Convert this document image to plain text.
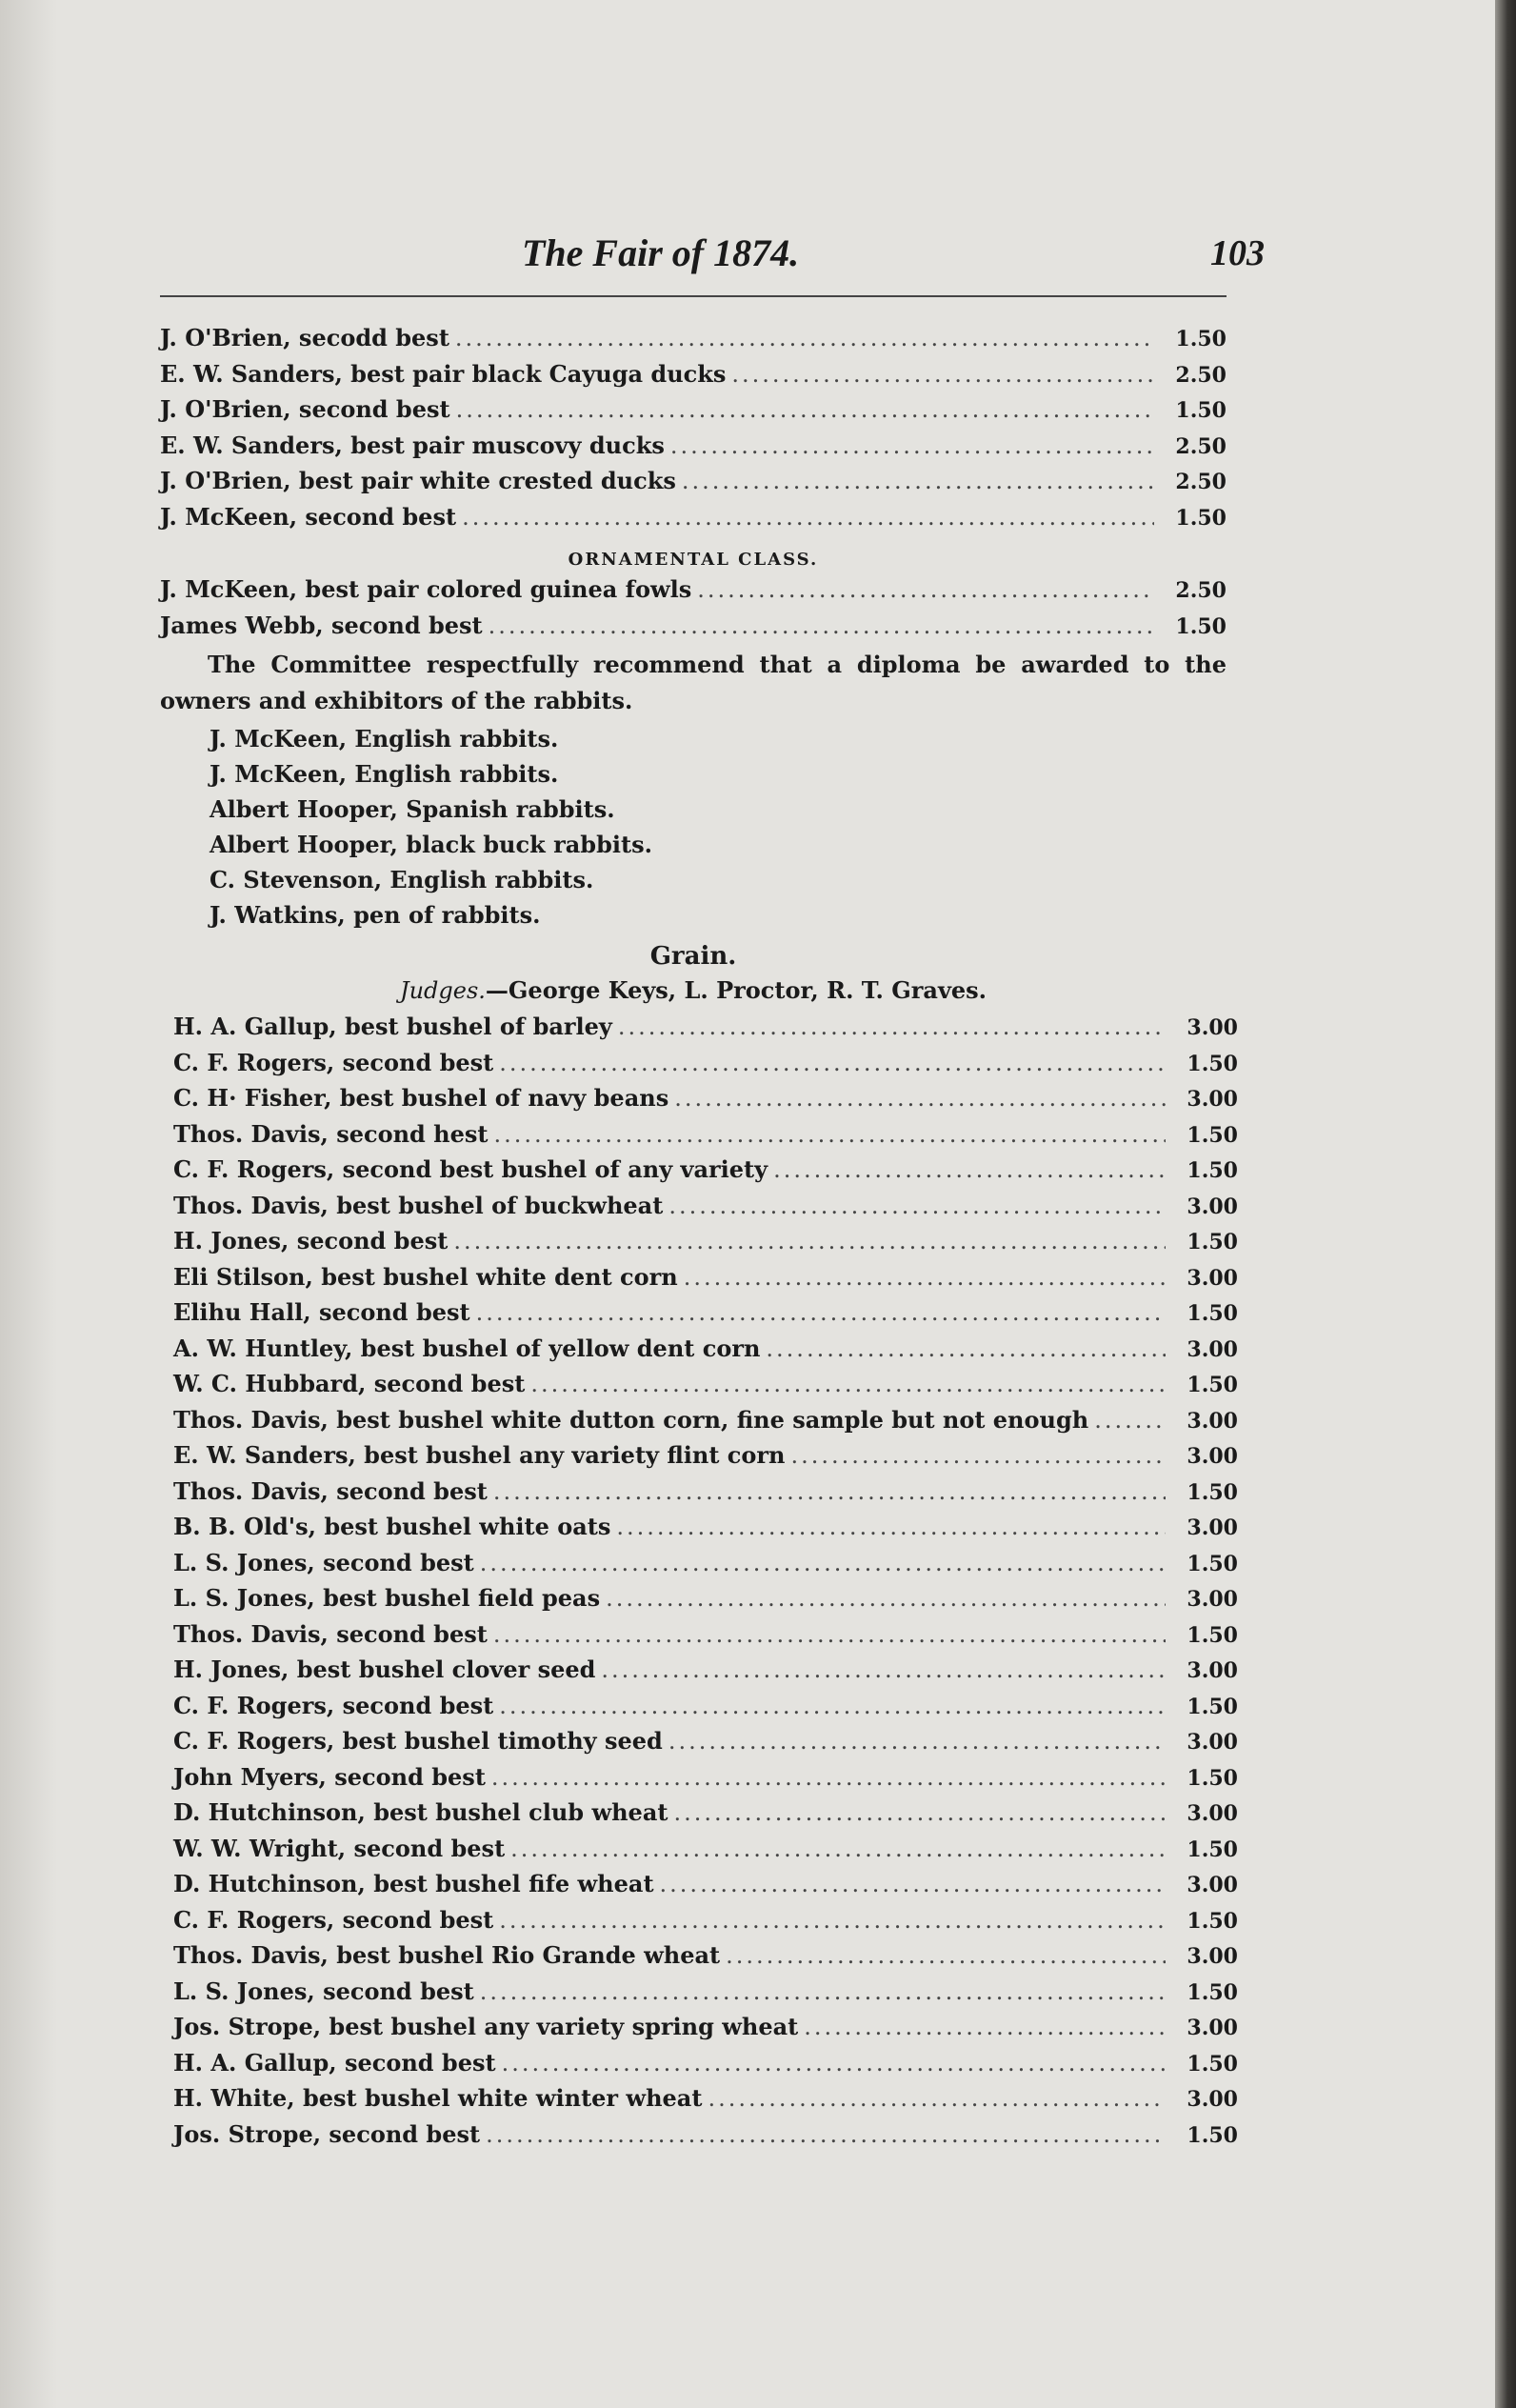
The Fair of 1874.	103
J. O'Brien, secodd best .....	1.50
E. W. Sanders, best pair black Cayuga ducks .....	2.50
J. O'Brien, second best .....	1.50
E. W. Sanders, best pair muscovy ducks .....	2.50
J. O'Brien, best pair white crested ducks .....	2.50
J. McKeen, second best .....	1.50
ORNAMENTAL CLASS.
J. McKeen, best pair colored guinea fowls .....	2.50
James Webb, second best .....	1.50
The Committee respectfully recommend that a diploma be awarded to the owners and exhibitors of the rabbits.
J. McKeen, English rabbits.
J. McKeen, English rabbits.
Albert Hooper, Spanish rabbits.
Albert Hooper, black buck rabbits.
C. Stevenson, English rabbits.
J. Watkins, pen of rabbits.
Grain.
Judges.—George Keys, L. Proctor, R. T. Graves.
H. A. Gallup, best bushel of barley .....	3.00
C. F. Rogers, second best .....	1.50
C. H· Fisher, best bushel of navy beans .....	3.00
Thos. Davis, second hest .....	1.50
C. F. Rogers, second best bushel of any variety .....	1.50
Thos. Davis, best bushel of buckwheat .....	3.00
H. Jones, second best .....	1.50
Eli Stilson, best bushel white dent corn .....	3.00
Elihu Hall, second best .....	1.50
A. W. Huntley, best bushel of yellow dent corn .....	3.00
W. C. Hubbard, second best .....	1.50
Thos. Davis, best bushel white dutton corn, fine sample but not enough .....	3.00
E. W. Sanders, best bushel any variety flint corn .....	3.00
Thos. Davis, second best .....	1.50
B. B. Old's, best bushel white oats .....	3.00
L. S. Jones, second best .....	1.50
L. S. Jones, best bushel field peas .....	3.00
Thos. Davis, second best .....	1.50
H. Jones, best bushel clover seed .....	3.00
C. F. Rogers, second best .....	1.50
C. F. Rogers, best bushel timothy seed .....	3.00
John Myers, second best .....	1.50
D. Hutchinson, best bushel club wheat .....	3.00
W. W. Wright, second best .....	1.50
D. Hutchinson, best bushel fife wheat .....	3.00
C. F. Rogers, second best .....	1.50
Thos. Davis, best bushel Rio Grande wheat .....	3.00
L. S. Jones, second best .....	1.50
Jos. Strope, best bushel any variety spring wheat .....	3.00
H. A. Gallup, second best .....	1.50
H. White, best bushel white winter wheat .....	3.00
Jos. Strope, second best .....	1.50
